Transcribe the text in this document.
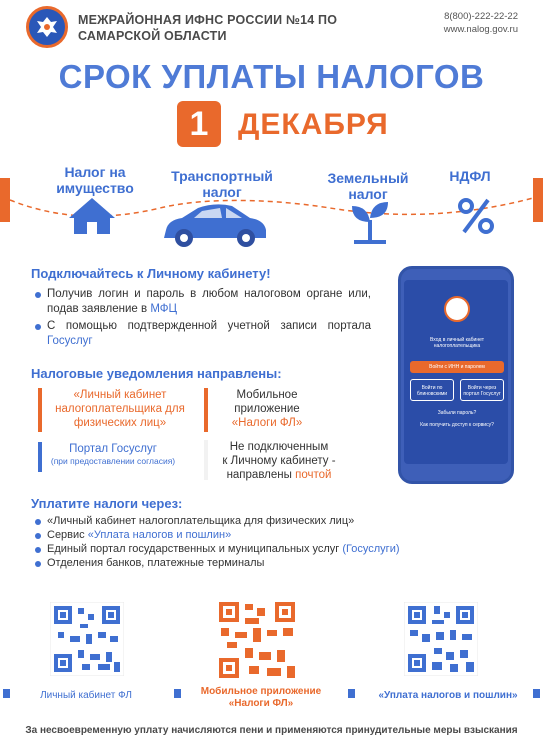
МЕЖРАЙОННАЯ ИФНС РОССИИ №14 ПО
САМАРСКОЙ ОБЛАСТИ
8(800)-222-22-22
www.nalog.gov.ru
СРОК УПЛАТЫ НАЛОГОВ
1 ДЕКАБРЯ
Налог на
имущество
Транспортный
налог
Земельный
налог
НДФЛ
Подключайтесь к Личному кабинету!
Получив логин и пароль в любом налоговом органе или, подав заявление в МФЦ
С помощью подтвержденной учетной записи портала Госуслуг
Налоговые уведомления направлены:
«Личный кабинет налогоплательщика для физических лиц»
Мобильное
приложение
«Налоги ФЛ»
Портал Госуслуг
(при предоставлении согласия)
Не подключенным
к Личному кабинету -
направлены почтой
Вход в личный кабинет налогоплательщика
Войти с ИНН и паролем
Войти по блиновскими
Войти через портал Госуслуг
Забыли пароль?
Как получить доступ к сервису?
Уплатите налоги через:
«Личный кабинет налогоплательщика для физических лиц»
Сервис «Уплата налогов и пошлин»
Единый портал государственных и муниципальных услуг (Госуслуги)
Отделения банков, платежные терминалы
Личный кабинет ФЛ	Мобильное приложение
«Налоги ФЛ»
«Уплата налогов и пошлин»
За несвоевременную уплату начисляются пени и применяются принудительные меры взыскания
